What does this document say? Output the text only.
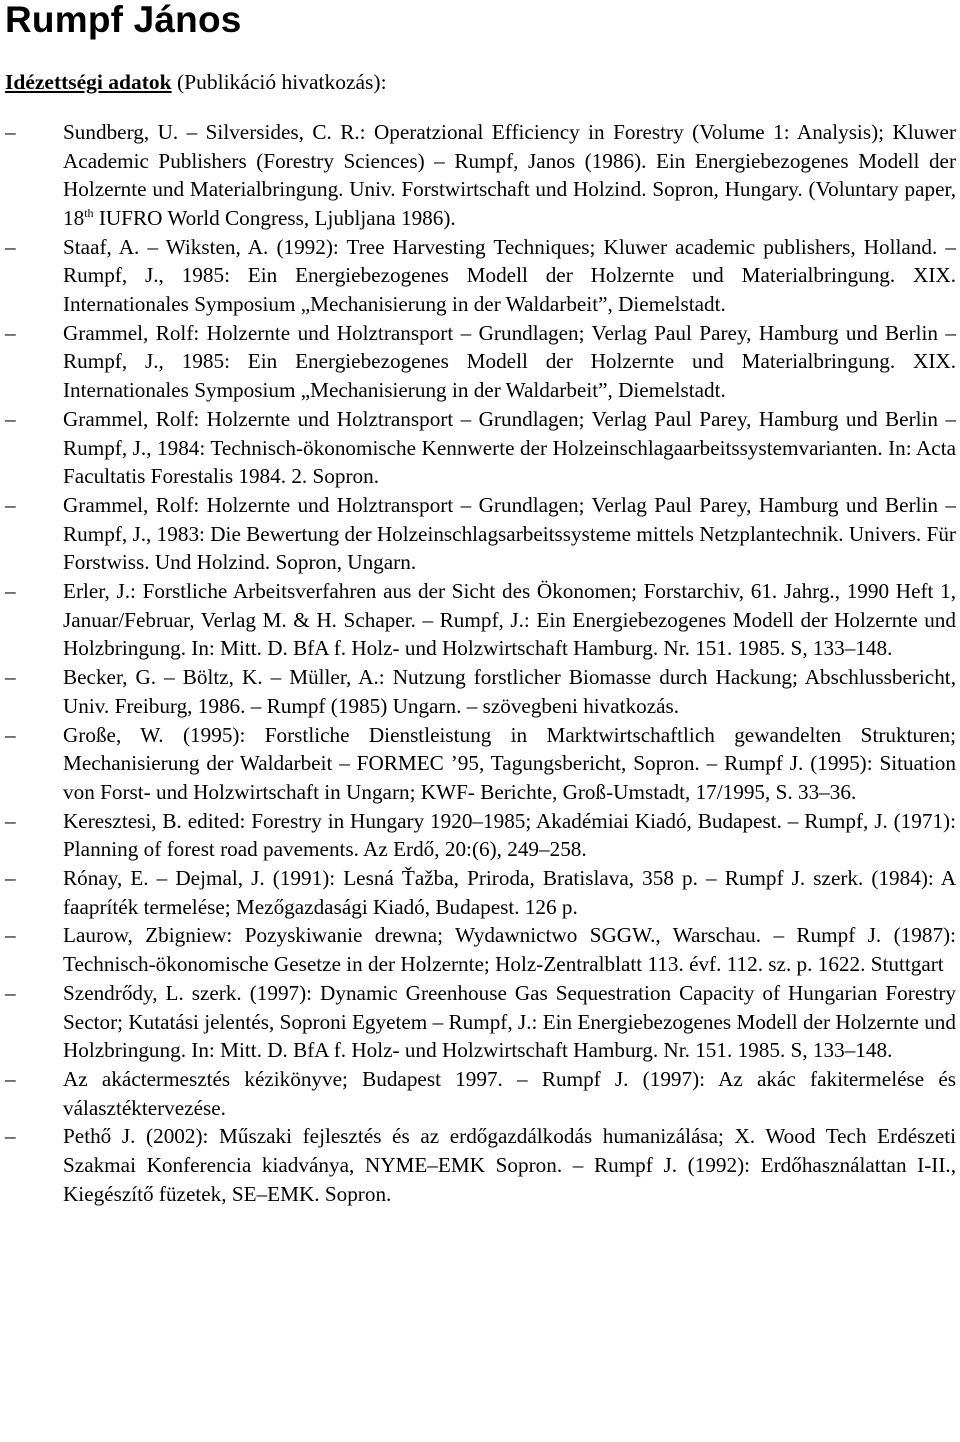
Rumpf János

Idézettségi adatok (Publikáció hivatkozás):

– Sundberg, U. – Silversides, C. R.: Operatzional Efficiency in Forestry (Volume 1: Analysis); Kluwer Academic Publishers (Forestry Sciences) – Rumpf, Janos (1986). Ein Energiebezogenes Modell der Holzernte und Materialbringung. Univ. Forstwirtschaft und Holzind. Sopron, Hungary. (Voluntary paper, 18th IUFRO World Congress, Ljubljana 1986).
– Staaf, A. – Wiksten, A. (1992): Tree Harvesting Techniques; Kluwer academic publishers, Holland. – Rumpf, J., 1985: Ein Energiebezogenes Modell der Holzernte und Materialbringung. XIX. Internationales Symposium „Mechanisierung in der Waldarbeit”, Diemelstadt.
– Grammel, Rolf: Holzernte und Holztransport – Grundlagen; Verlag Paul Parey, Hamburg und Berlin – Rumpf, J., 1985: Ein Energiebezogenes Modell der Holzernte und Materialbringung. XIX. Internationales Symposium „Mechanisierung in der Waldarbeit”, Diemelstadt.
– Grammel, Rolf: Holzernte und Holztransport – Grundlagen; Verlag Paul Parey, Hamburg und Berlin – Rumpf, J., 1984: Technisch-ökonomische Kennwerte der Holzeinschlagaarbeitssystemvarianten. In: Acta Facultatis Forestalis 1984. 2. Sopron.
– Grammel, Rolf: Holzernte und Holztransport – Grundlagen; Verlag Paul Parey, Hamburg und Berlin – Rumpf, J., 1983: Die Bewertung der Holzeinschlagsarbeitssysteme mittels Netzplantechnik. Univers. Für Forstwiss. Und Holzind. Sopron, Ungarn.
– Erler, J.: Forstliche Arbeitsverfahren aus der Sicht des Ökonomen; Forstarchiv, 61. Jahrg., 1990 Heft 1, Januar/Februar, Verlag M. & H. Schaper. – Rumpf, J.: Ein Energiebezogenes Modell der Holzernte und Holzbringung. In: Mitt. D. BfA f. Holz- und Holzwirtschaft Hamburg. Nr. 151. 1985. S, 133–148.
– Becker, G. – Böltz, K. – Müller, A.: Nutzung forstlicher Biomasse durch Hackung; Abschlussbericht, Univ. Freiburg, 1986. – Rumpf (1985) Ungarn. – szövegbeni hivatkozás.
– Große, W. (1995): Forstliche Dienstleistung in Marktwirtschaftlich gewandelten Strukturen; Mechanisierung der Waldarbeit – FORMEC ’95, Tagungsbericht, Sopron. – Rumpf J. (1995): Situation von Forst- und Holzwirtschaft in Ungarn; KWF- Berichte, Groß-Umstadt, 17/1995, S. 33–36.
– Keresztesi, B. edited: Forestry in Hungary 1920–1985; Akadémiai Kiadó, Budapest. – Rumpf, J. (1971): Planning of forest road pavements. Az Erdő, 20:(6), 249–258.
– Rónay, E. – Dejmal, J. (1991): Lesná Ťažba, Priroda, Bratislava, 358 p. – Rumpf J. szerk. (1984): A faapríték termelése; Mezőgazdasági Kiadó, Budapest. 126 p.
– Laurow, Zbigniew: Pozyskiwanie drewna; Wydawnictwo SGGW., Warschau. – Rumpf J. (1987): Technisch-ökonomische Gesetze in der Holzernte; Holz-Zentralblatt 113. évf. 112. sz. p. 1622. Stuttgart
– Szendrődy, L. szerk. (1997): Dynamic Greenhouse Gas Sequestration Capacity of Hungarian Forestry Sector; Kutatási jelentés, Soproni Egyetem – Rumpf, J.: Ein Energiebezogenes Modell der Holzernte und Holzbringung. In: Mitt. D. BfA f. Holz- und Holzwirtschaft Hamburg. Nr. 151. 1985. S, 133–148.
– Az akáctermesztés kézikönyve; Budapest 1997. – Rumpf J. (1997): Az akác fakitermelése és választéktervezése.
– Pethő J. (2002): Műszaki fejlesztés és az erdőgazdálkodás humanizálása; X. Wood Tech Erdészeti Szakmai Konferencia kiadványa, NYME–EMK Sopron. – Rumpf J. (1992): Erdőhasználattan I-II., Kiegészítő füzetek, SE–EMK. Sopron.
